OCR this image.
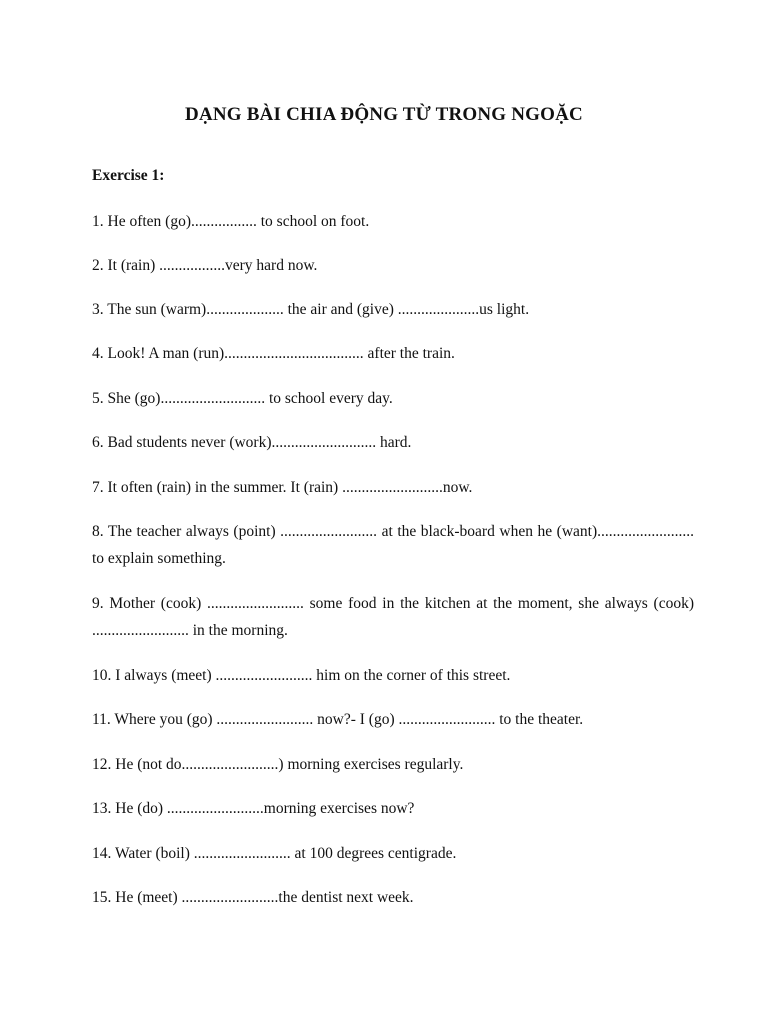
DẠNG BÀI CHIA ĐỘNG TỪ TRONG NGOẶC

Exercise 1:

1. He often (go)................. to school on foot.

2. It (rain) .................very hard now.

3. The sun (warm).................... the air and (give) .....................us light.

4. Look! A man (run).................................... after the train.

5. She (go)........................... to school every day.

6. Bad students never (work)........................... hard.

7. It often (rain) in the summer. It (rain) ..........................now.

8. The teacher always (point) ......................... at the black-board when he (want)......................... to explain something.

9. Mother (cook) ......................... some food in the kitchen at the moment, she always (cook) ......................... in the morning.

10. I always (meet) ......................... him on the corner of this street.

11. Where you (go) ......................... now?- I (go) ......................... to the theater.

12. He (not do.........................) morning exercises regularly.

13. He (do) .........................morning exercises now?

14. Water (boil) ......................... at 100 degrees centigrade.

15. He (meet) .........................the dentist next week.
